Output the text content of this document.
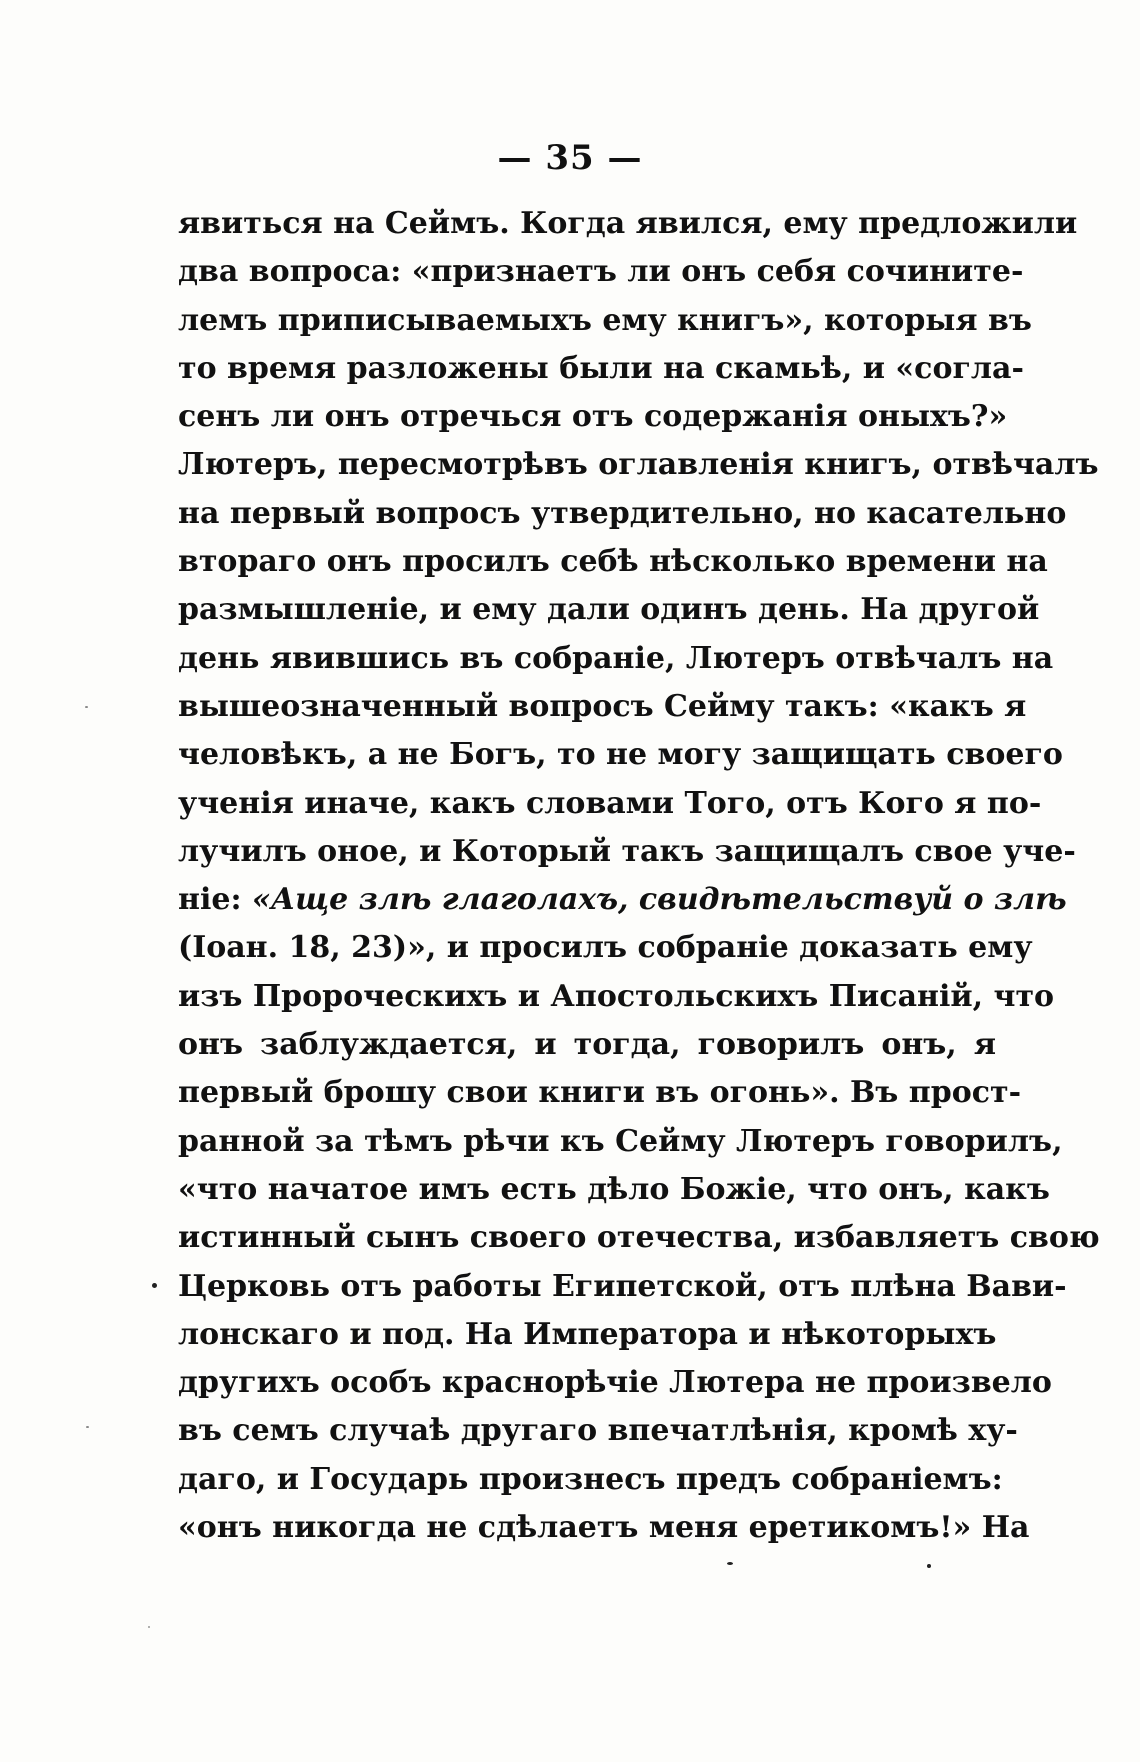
— 35 —
явиться на Сеймъ. Когда явился, ему предложили
два вопроса: «признаетъ ли онъ себя сочините-
лемъ приписываемыхъ ему книгъ», которыя въ
то время разложены были на скамьѣ, и «согла-
сенъ ли онъ отречься отъ содержанія оныхъ?»
Лютеръ, пересмотрѣвъ оглавленія книгъ, отвѣчалъ
на первый вопросъ утвердительно, но касательно
втораго онъ просилъ себѣ нѣсколько времени на
размышленіе, и ему дали одинъ день. На другой
день явившись въ собраніе, Лютеръ отвѣчалъ на
вышеозначенный вопросъ Сейму такъ: «какъ я
человѣкъ, а не Богъ, то не могу защищать своего
ученія иначе, какъ словами Того, отъ Кого я по-
лучилъ оное, и Который такъ защищалъ свое уче-
ніе: «Аще злѣ глаголахъ, свидѣтельствуй о злѣ
(Іоан. 18, 23)», и просилъ собраніе доказать ему
изъ Пророческихъ и Апостольскихъ Писаній, что
онъ заблуждается, и тогда, говорилъ онъ, я
первый брошу свои книги въ огонь». Въ прост-
ранной за тѣмъ рѣчи къ Сейму Лютеръ говорилъ,
«что начатое имъ есть дѣло Божіе, что онъ, какъ
истинный сынъ своего отечества, избавляетъ свою
Церковь отъ работы Египетской, отъ плѣна Вави-
лонскаго и под. На Императора и нѣкоторыхъ
другихъ особъ краснорѣчіе Лютера не произвело
въ семъ случаѣ другаго впечатлѣнія, кромѣ ху-
даго, и Государь произнесъ предъ собраніемъ:
«онъ никогда не сдѣлаетъ меня еретикомъ!» На
